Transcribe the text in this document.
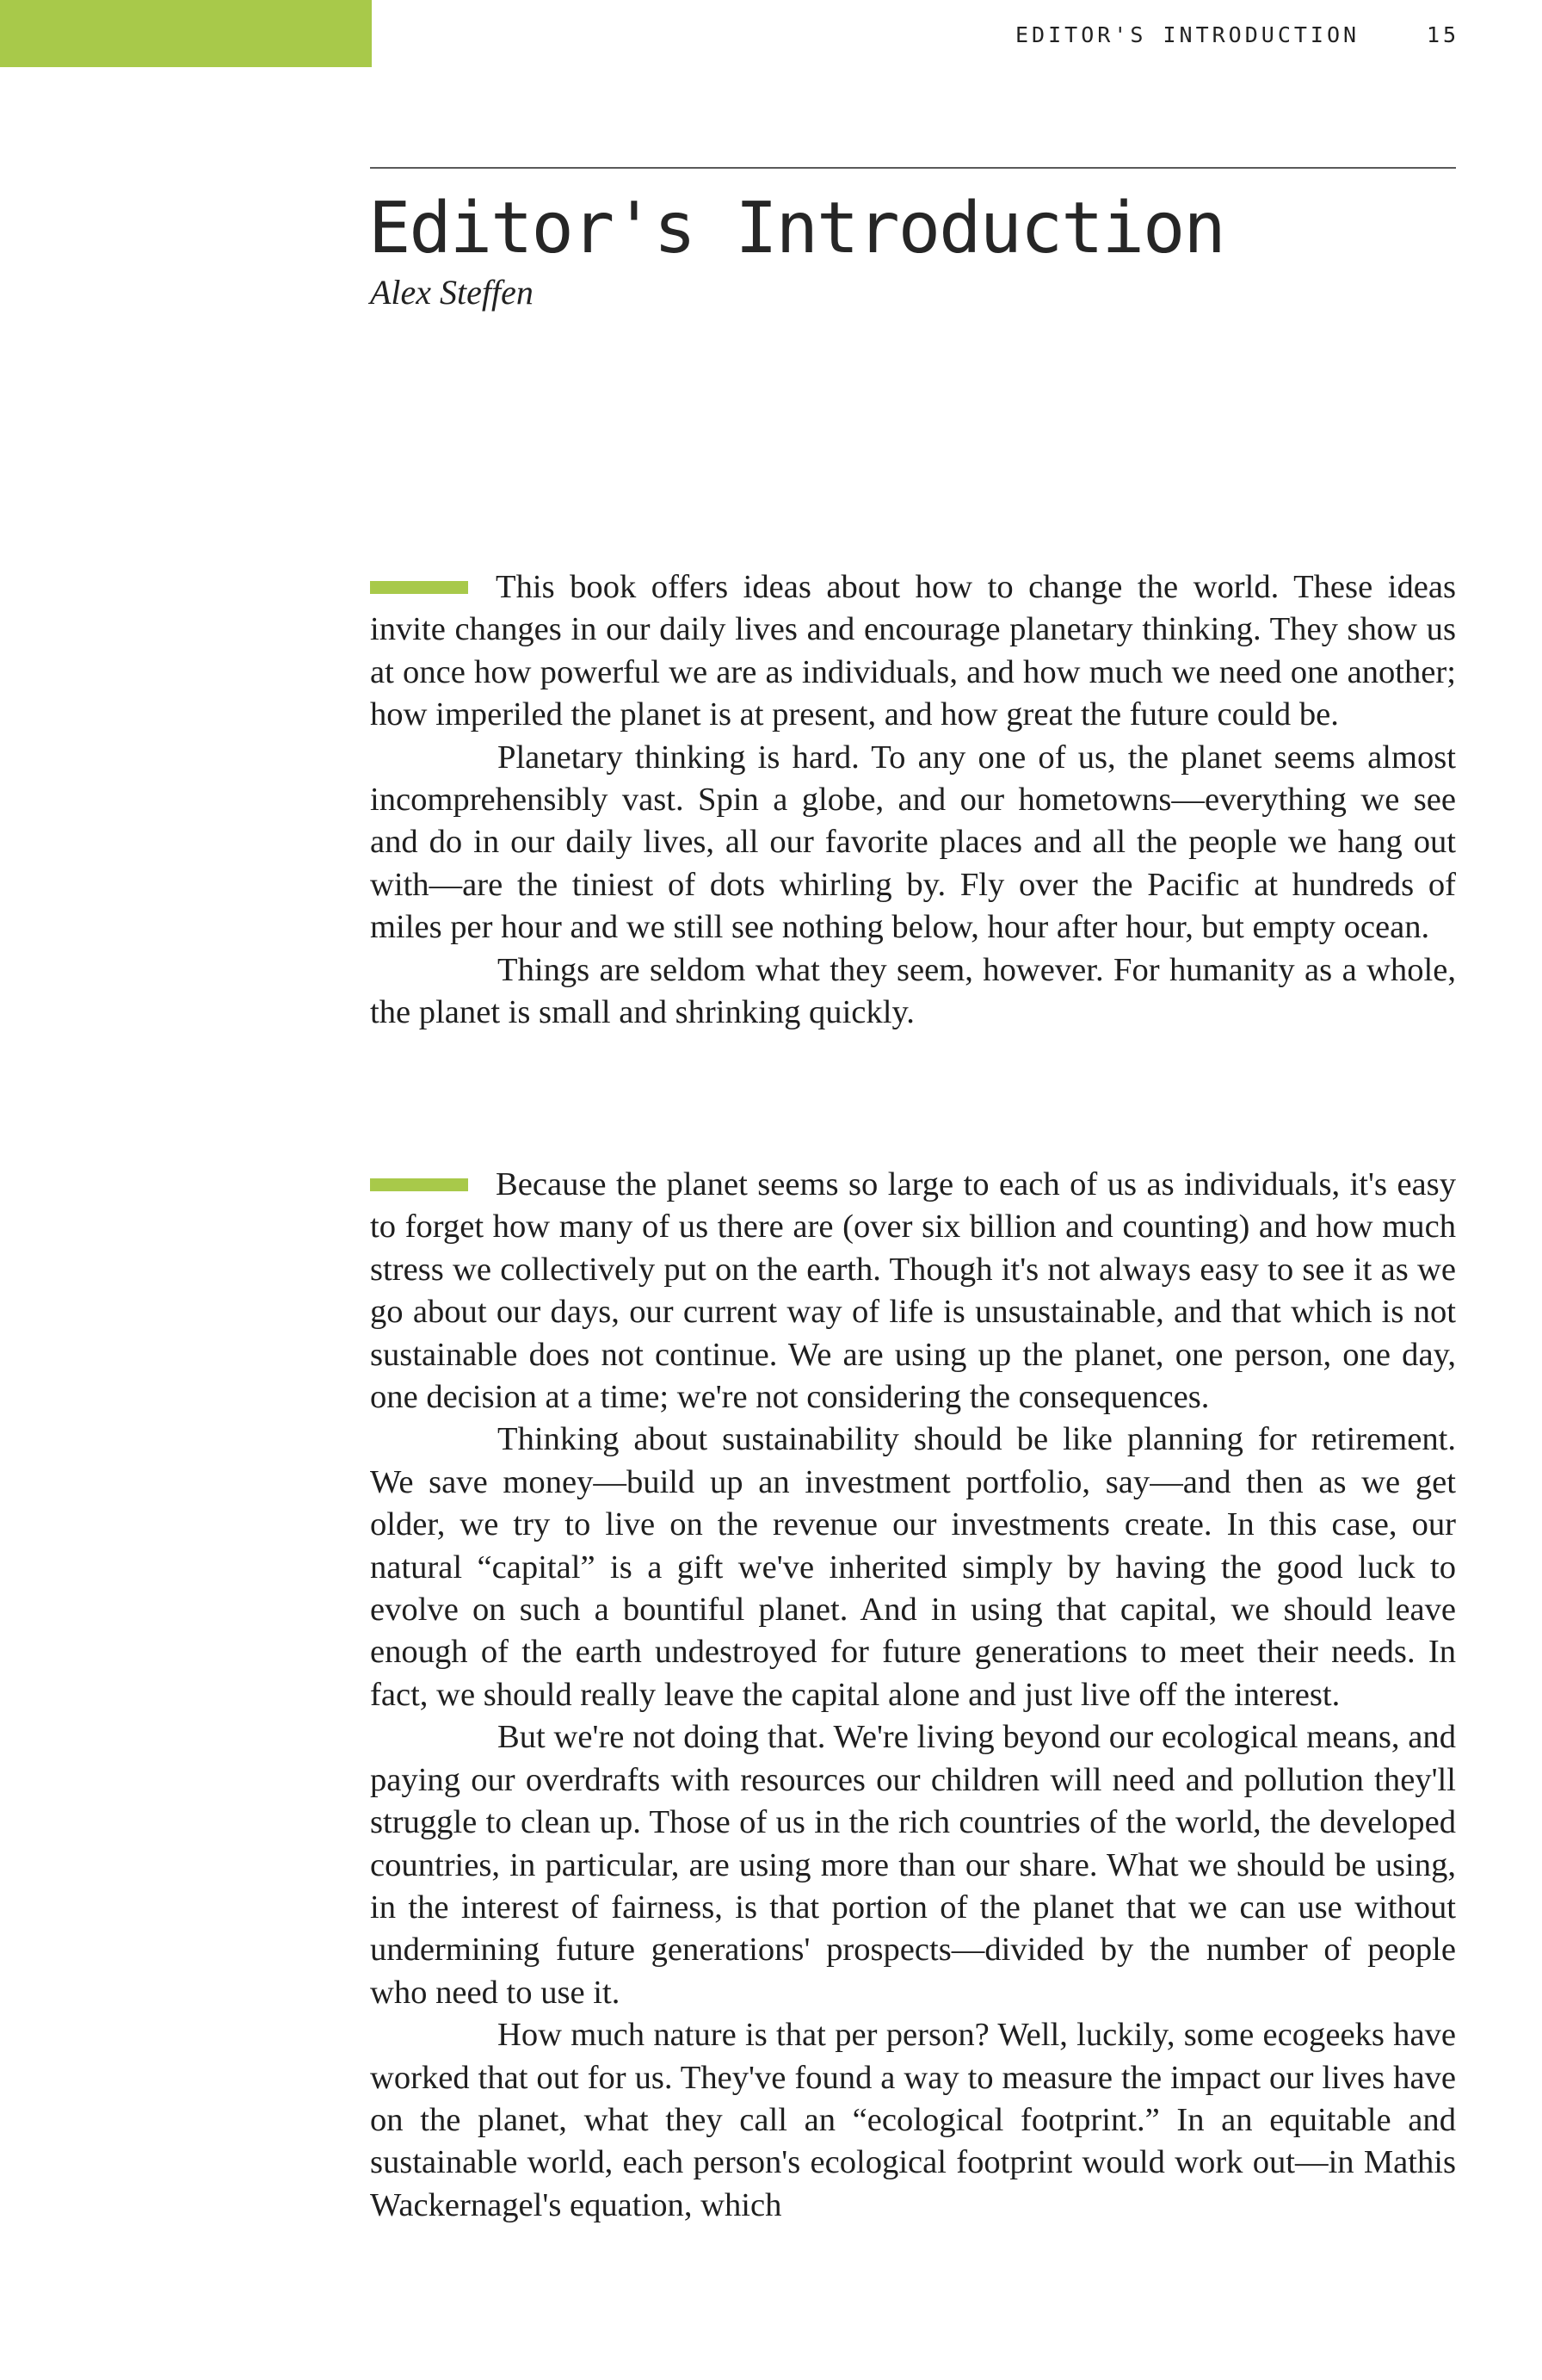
EDITOR'S INTRODUCTION	15
Editor's Introduction
Alex Steffen

This book offers ideas about how to change the world. These ideas invite changes in our daily lives and encourage planetary thinking. They show us at once how powerful we are as individuals, and how much we need one another; how imperiled the planet is at present, and how great the future could be.

Planetary thinking is hard. To any one of us, the planet seems almost incomprehensibly vast. Spin a globe, and our hometowns—everything we see and do in our daily lives, all our favorite places and all the people we hang out with—are the tiniest of dots whirling by. Fly over the Pacific at hundreds of miles per hour and we still see nothing below, hour after hour, but empty ocean.

Things are seldom what they seem, however. For humanity as a whole, the planet is small and shrinking quickly.

Because the planet seems so large to each of us as individuals, it's easy to forget how many of us there are (over six billion and counting) and how much stress we collectively put on the earth. Though it's not always easy to see it as we go about our days, our current way of life is unsustainable, and that which is not sustainable does not continue. We are using up the planet, one person, one day, one decision at a time; we're not considering the consequences.

Thinking about sustainability should be like planning for retirement. We save money—build up an investment portfolio, say—and then as we get older, we try to live on the revenue our investments create. In this case, our natural “capital” is a gift we've inherited simply by having the good luck to evolve on such a bountiful planet. And in using that capital, we should leave enough of the earth undestroyed for future generations to meet their needs. In fact, we should really leave the capital alone and just live off the interest.

But we're not doing that. We're living beyond our ecological means, and paying our overdrafts with resources our children will need and pollution they'll struggle to clean up. Those of us in the rich countries of the world, the developed countries, in particular, are using more than our share. What we should be using, in the interest of fairness, is that portion of the planet that we can use without undermining future generations' prospects—divided by the number of people who need to use it.

How much nature is that per person? Well, luckily, some ecogeeks have worked that out for us. They've found a way to measure the impact our lives have on the planet, what they call an “ecological footprint.” In an equitable and sustainable world, each person's ecological footprint would work out—in Mathis Wackernagel's equation, which
